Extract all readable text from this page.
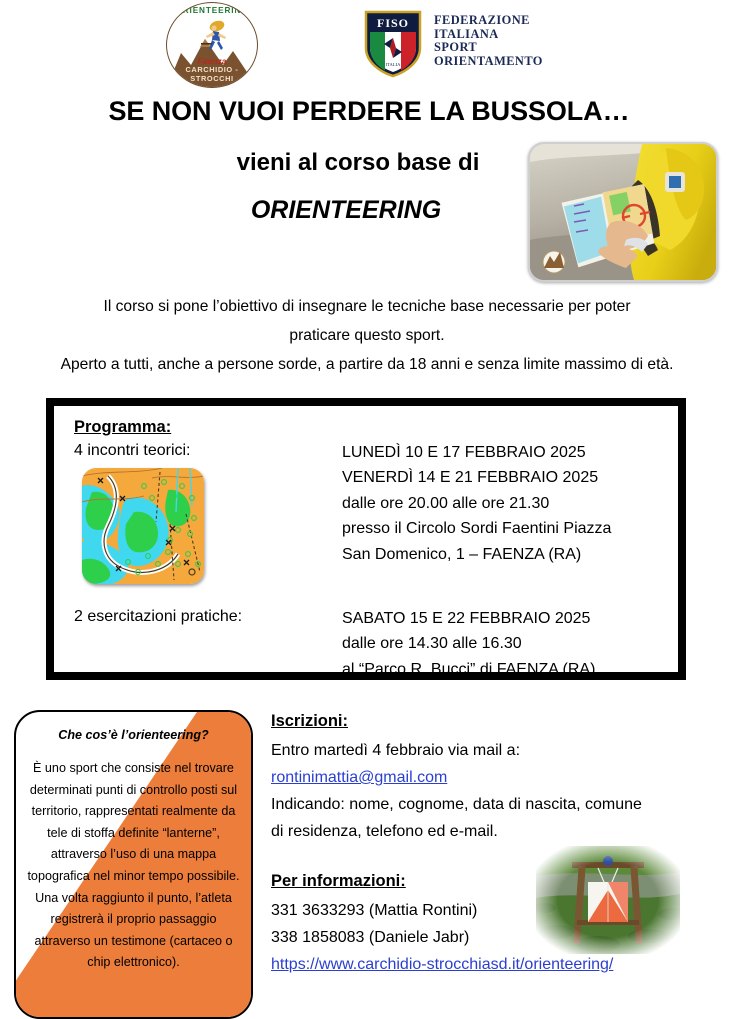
ORIENTEERING
Faenza
CARCHIDIO - STROCCHI
FISO
ITALIA
FEDERAZIONE
ITALIANA
SPORT
ORIENTAMENTO
SE NON VUOI PERDERE LA BUSSOLA…
vieni al corso base di
ORIENTEERING
Il corso si pone l’obiettivo di insegnare le tecniche base necessarie per poter
praticare questo sport.
Aperto a tutti, anche a persone sorde, a partire da 18 anni e senza limite massimo di età.
Programma:
4 incontri teorici:	LUNEDÌ 10 E 17 FEBBRAIO 2025
VENERDÌ 14 E 21 FEBBRAIO 2025
dalle ore 20.00 alle ore 21.30
presso il Circolo Sordi Faentini Piazza
San Domenico, 1 – FAENZA (RA)
2 esercitazioni pratiche:	SABATO 15 E 22 FEBBRAIO 2025
dalle ore 14.30 alle 16.30
al “Parco R. Bucci” di FAENZA (RA)
Che cos’è l’orienteering?
È uno sport che consiste nel trovare determinati punti di controllo posti sul territorio, rappresentati realmente da tele di stoffa definite “lanterne”, attraverso l’uso di una mappa topografica nel minor tempo possibile. Una volta raggiunto il punto, l’atleta registrerà il proprio passaggio attraverso un testimone (cartaceo o chip elettronico).
Iscrizioni:
Entro martedì 4 febbraio via mail a:
rontinimattia@gmail.com
Indicando: nome, cognome, data di nascita, comune
di residenza, telefono ed e-mail.
Per informazioni:
331 3633293 (Mattia Rontini)
338 1858083 (Daniele Jabr)
https://www.carchidio-strocchiasd.it/orienteering/
